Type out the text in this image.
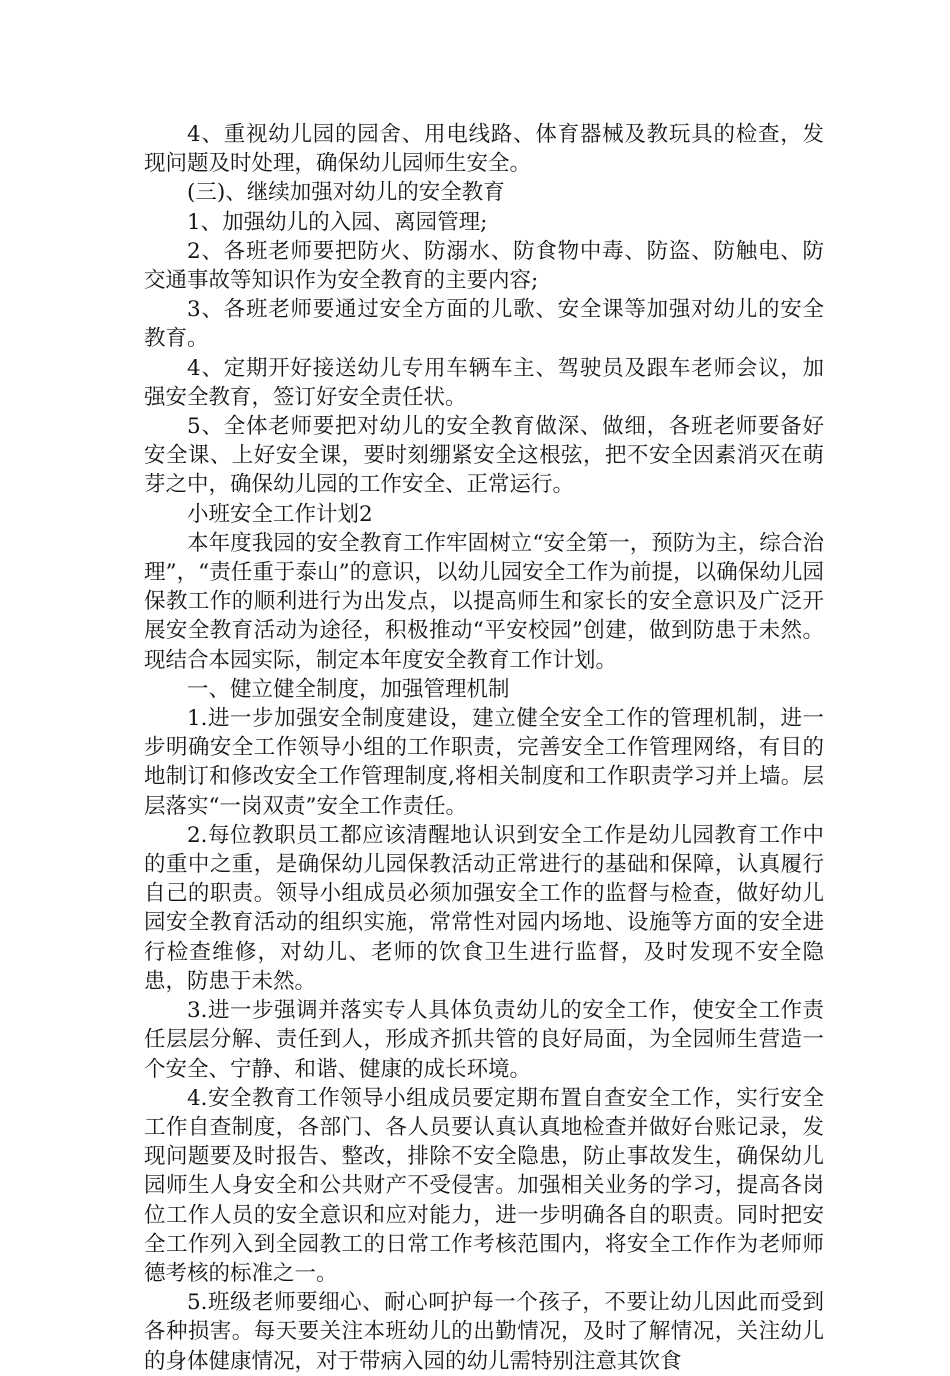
4、重视幼儿园的园舍、用电线路、体育器械及教玩具的检查，发现问题及时处理，确保幼儿园师生安全。

(三)、继续加强对幼儿的安全教育

1、加强幼儿的入园、离园管理;

2、各班老师要把防火、防溺水、防食物中毒、防盗、防触电、防交通事故等知识作为安全教育的主要内容;

3、各班老师要通过安全方面的儿歌、安全课等加强对幼儿的安全教育。

4、定期开好接送幼儿专用车辆车主、驾驶员及跟车老师会议，加强安全教育，签订好安全责任状。

5、全体老师要把对幼儿的安全教育做深、做细，各班老师要备好安全课、上好安全课，要时刻绷紧安全这根弦，把不安全因素消灭在萌芽之中，确保幼儿园的工作安全、正常运行。

小班安全工作计划2

本年度我园的安全教育工作牢固树立“安全第一，预防为主，综合治理”，“责任重于泰山”的意识，以幼儿园安全工作为前提，以确保幼儿园保教工作的顺利进行为出发点，以提高师生和家长的安全意识及广泛开展安全教育活动为途径，积极推动“平安校园”创建，做到防患于未然。现结合本园实际，制定本年度安全教育工作计划。

一、健立健全制度，加强管理机制

1.进一步加强安全制度建设，建立健全安全工作的管理机制，进一步明确安全工作领导小组的工作职责，完善安全工作管理网络，有目的地制订和修改安全工作管理制度,将相关制度和工作职责学习并上墙。层层落实“一岗双责”安全工作责任。

2.每位教职员工都应该清醒地认识到安全工作是幼儿园教育工作中的重中之重，是确保幼儿园保教活动正常进行的基础和保障，认真履行自己的职责。领导小组成员必须加强安全工作的监督与检查，做好幼儿园安全教育活动的组织实施，常常性对园内场地、设施等方面的安全进行检查维修，对幼儿、老师的饮食卫生进行监督，及时发现不安全隐患，防患于未然。

3.进一步强调并落实专人具体负责幼儿的安全工作，使安全工作责任层层分解、责任到人，形成齐抓共管的良好局面，为全园师生营造一个安全、宁静、和谐、健康的成长环境。

4.安全教育工作领导小组成员要定期布置自查安全工作，实行安全工作自查制度，各部门、各人员要认真认真地检查并做好台账记录，发现问题要及时报告、整改，排除不安全隐患，防止事故发生，确保幼儿园师生人身安全和公共财产不受侵害。加强相关业务的学习，提高各岗位工作人员的安全意识和应对能力，进一步明确各自的职责。同时把安全工作列入到全园教工的日常工作考核范围内，将安全工作作为老师师德考核的标准之一。

5.班级老师要细心、耐心呵护每一个孩子，不要让幼儿因此而受到各种损害。每天要关注本班幼儿的出勤情况，及时了解情况，关注幼儿的身体健康情况，对于带病入园的幼儿需特别注意其饮食
